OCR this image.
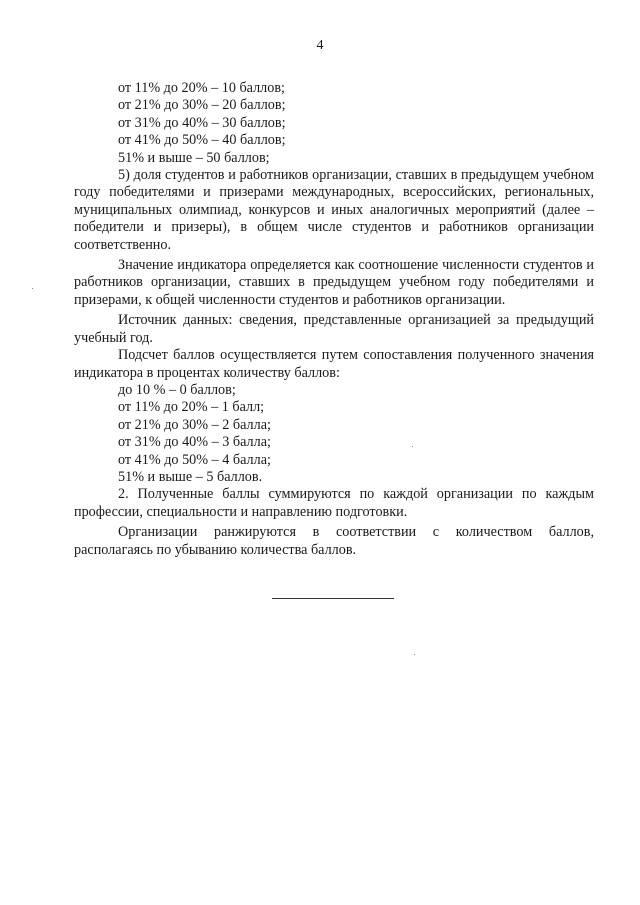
4
от 11% до 20% – 10 баллов;
от 21% до 30% – 20 баллов;
от 31% до 40% – 30 баллов;
от 41% до 50% – 40 баллов;
51% и выше – 50 баллов;

5) доля студентов и работников организации, ставших в предыдущем учебном году победителями и призерами международных, всероссийских, региональных, муниципальных олимпиад, конкурсов и иных аналогичных мероприятий (далее – победители и призеры), в общем числе студентов и работников организации соответственно.

Значение индикатора определяется как соотношение численности студентов и работников организации, ставших в предыдущем учебном году победителями и призерами, к общей численности студентов и работников организации.

Источник данных: сведения, представленные организацией за предыдущий учебный год.

Подсчет баллов осуществляется путем сопоставления полученного значения индикатора в процентах количеству баллов:

до 10 % – 0 баллов;
от 11% до 20% – 1 балл;
от 21% до 30% – 2 балла;
от 31% до 40% – 3 балла;
от 41% до 50% – 4 балла;
51% и выше – 5 баллов.

2. Полученные баллы суммируются по каждой организации по каждым профессии, специальности и направлению подготовки.

Организации ранжируются в соответствии с количеством баллов, располагаясь по убыванию количества баллов.
